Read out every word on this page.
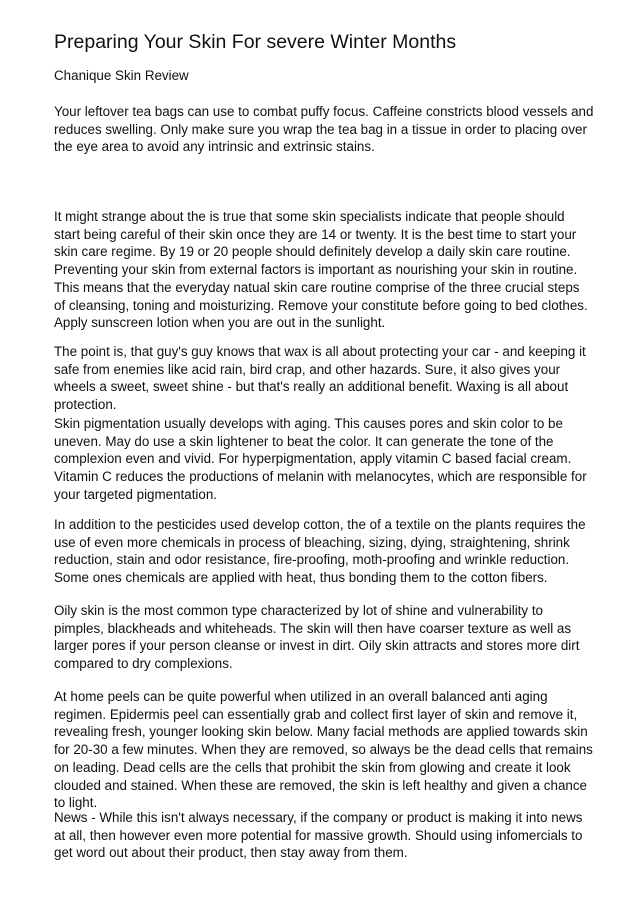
Preparing Your Skin For severe Winter Months

Chanique Skin Review

Your leftover tea bags can use to combat puffy focus. Caffeine constricts blood vessels and reduces swelling. Only make sure you wrap the tea bag in a tissue in order to placing over the eye area to avoid any intrinsic and extrinsic stains.

It might strange about the is true that some skin specialists indicate that people should start being careful of their skin once they are 14 or twenty. It is the best time to start your skin care regime. By 19 or 20 people should definitely develop a daily skin care routine. Preventing your skin from external factors is important as nourishing your skin in routine. This means that the everyday natual skin care routine comprise of the three crucial steps of cleansing, toning and moisturizing. Remove your constitute before going to bed clothes. Apply sunscreen lotion when you are out in the sunlight.

The point is, that guy's guy knows that wax is all about protecting your car - and keeping it safe from enemies like acid rain, bird crap, and other hazards. Sure, it also gives your wheels a sweet, sweet shine - but that's really an additional benefit. Waxing is all about protection.

Skin pigmentation usually develops with aging. This causes pores and skin color to be uneven. May do use a skin lightener to beat the color. It can generate the tone of the complexion even and vivid. For hyperpigmentation, apply vitamin C based facial cream. Vitamin C reduces the productions of melanin with melanocytes, which are responsible for your targeted pigmentation.

In addition to the pesticides used develop cotton, the of a textile on the plants requires the use of even more chemicals in process of bleaching, sizing, dying, straightening, shrink reduction, stain and odor resistance, fire-proofing, moth-proofing and wrinkle reduction. Some ones chemicals are applied with heat, thus bonding them to the cotton fibers.

Oily skin is the most common type characterized by lot of shine and vulnerability to pimples, blackheads and whiteheads. The skin will then have coarser texture as well as larger pores if your person cleanse or invest in dirt. Oily skin attracts and stores more dirt compared to dry complexions.

At home peels can be quite powerful when utilized in an overall balanced anti aging regimen. Epidermis peel can essentially grab and collect first layer of skin and remove it, revealing fresh, younger looking skin below. Many facial methods are applied towards skin for 20-30 a few minutes. When they are removed, so always be the dead cells that remains on leading. Dead cells are the cells that prohibit the skin from glowing and create it look clouded and stained. When these are removed, the skin is left healthy and given a chance to light.

News - While this isn't always necessary, if the company or product is making it into news at all, then however even more potential for massive growth. Should using infomercials to get word out about their product, then stay away from them.
